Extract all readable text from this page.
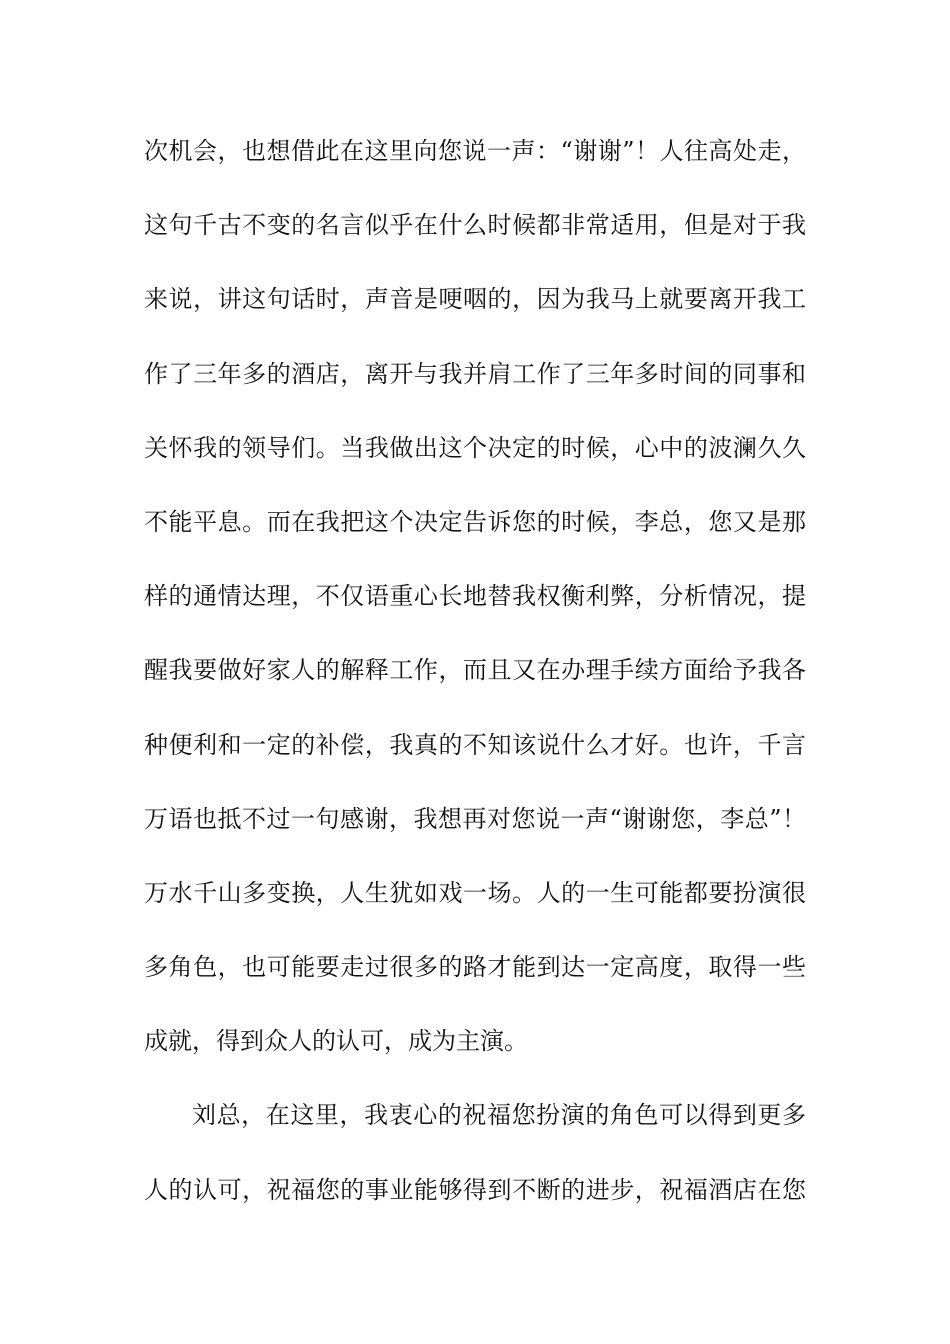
次机会，也想借此在这里向您说一声：“谢谢”！人往高处走，
这句千古不变的名言似乎在什么时候都非常适用，但是对于我
来说，讲这句话时，声音是哽咽的，因为我马上就要离开我工
作了三年多的酒店，离开与我并肩工作了三年多时间的同事和
关怀我的领导们。当我做出这个决定的时候，心中的波澜久久
不能平息。而在我把这个决定告诉您的时候，李总，您又是那
样的通情达理，不仅语重心长地替我权衡利弊，分析情况，提
醒我要做好家人的解释工作，而且又在办理手续方面给予我各
种便利和一定的补偿，我真的不知该说什么才好。也许，千言
万语也抵不过一句感谢，我想再对您说一声“谢谢您，李总”！
万水千山多变换，人生犹如戏一场。人的一生可能都要扮演很
多角色，也可能要走过很多的路才能到达一定高度，取得一些
成就，得到众人的认可，成为主演。
刘总，在这里，我衷心的祝福您扮演的角色可以得到更多
人的认可，祝福您的事业能够得到不断的进步，祝福酒店在您
